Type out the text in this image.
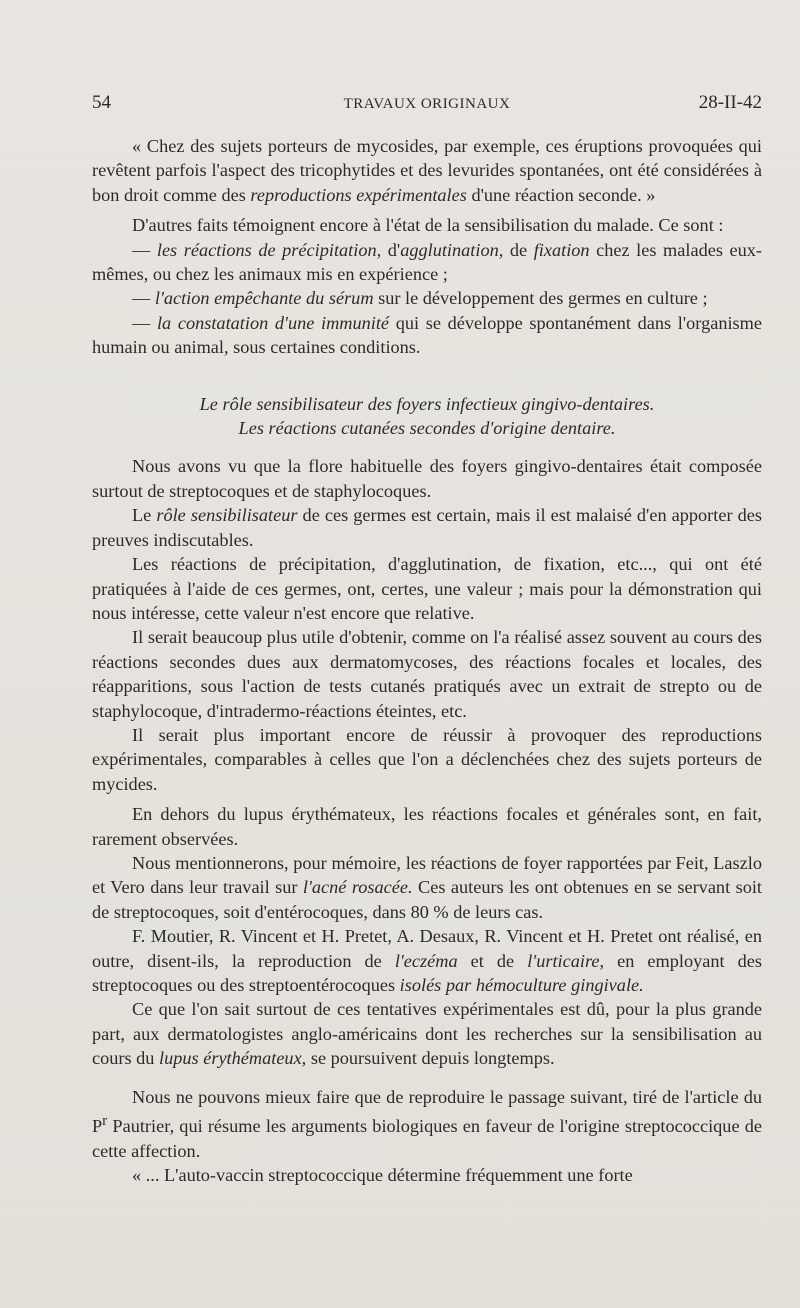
54	TRAVAUX ORIGINAUX	28-II-42

« Chez des sujets porteurs de mycosides, par exemple, ces éruptions provoquées qui revêtent parfois l'aspect des tricophytides et des levurides spontanées, ont été considérées à bon droit comme des reproductions expérimentales d'une réaction seconde. »

D'autres faits témoignent encore à l'état de la sensibilisation du malade. Ce sont :

— les réactions de précipitation, d'agglutination, de fixation chez les malades eux-mêmes, ou chez les animaux mis en expérience ;

— l'action empêchante du sérum sur le développement des germes en culture ;

— la constatation d'une immunité qui se développe spontanément dans l'organisme humain ou animal, sous certaines conditions.

Le rôle sensibilisateur des foyers infectieux gingivo-dentaires.

Les réactions cutanées secondes d'origine dentaire.

Nous avons vu que la flore habituelle des foyers gingivo-dentaires était composée surtout de streptocoques et de staphylocoques.

Le rôle sensibilisateur de ces germes est certain, mais il est malaisé d'en apporter des preuves indiscutables.

Les réactions de précipitation, d'agglutination, de fixation, etc..., qui ont été pratiquées à l'aide de ces germes, ont, certes, une valeur ; mais pour la démonstration qui nous intéresse, cette valeur n'est encore que relative.

Il serait beaucoup plus utile d'obtenir, comme on l'a réalisé assez souvent au cours des réactions secondes dues aux dermatomycoses, des réactions focales et locales, des réapparitions, sous l'action de tests cutanés pratiqués avec un extrait de strepto ou de staphylocoque, d'intradermo-réactions éteintes, etc.

Il serait plus important encore de réussir à provoquer des reproductions expérimentales, comparables à celles que l'on a déclenchées chez des sujets porteurs de mycides.

En dehors du lupus érythémateux, les réactions focales et générales sont, en fait, rarement observées.

Nous mentionnerons, pour mémoire, les réactions de foyer rapportées par Feit, Laszlo et Vero dans leur travail sur l'acné rosacée. Ces auteurs les ont obtenues en se servant soit de streptocoques, soit d'entérocoques, dans 80 % de leurs cas.

F. Moutier, R. Vincent et H. Pretet, A. Desaux, R. Vincent et H. Pretet ont réalisé, en outre, disent-ils, la reproduction de l'eczéma et de l'urticaire, en employant des streptocoques ou des streptoentérocoques isolés par hémoculture gingivale.

Ce que l'on sait surtout de ces tentatives expérimentales est dû, pour la plus grande part, aux dermatologistes anglo-américains dont les recherches sur la sensibilisation au cours du lupus érythémateux, se poursuivent depuis longtemps.

Nous ne pouvons mieux faire que de reproduire le passage suivant, tiré de l'article du $P^r$ Pautrier, qui résume les arguments biologiques en faveur de l'origine streptococcique de cette affection.

« ... L'auto-vaccin streptococcique détermine fréquemment une forte
